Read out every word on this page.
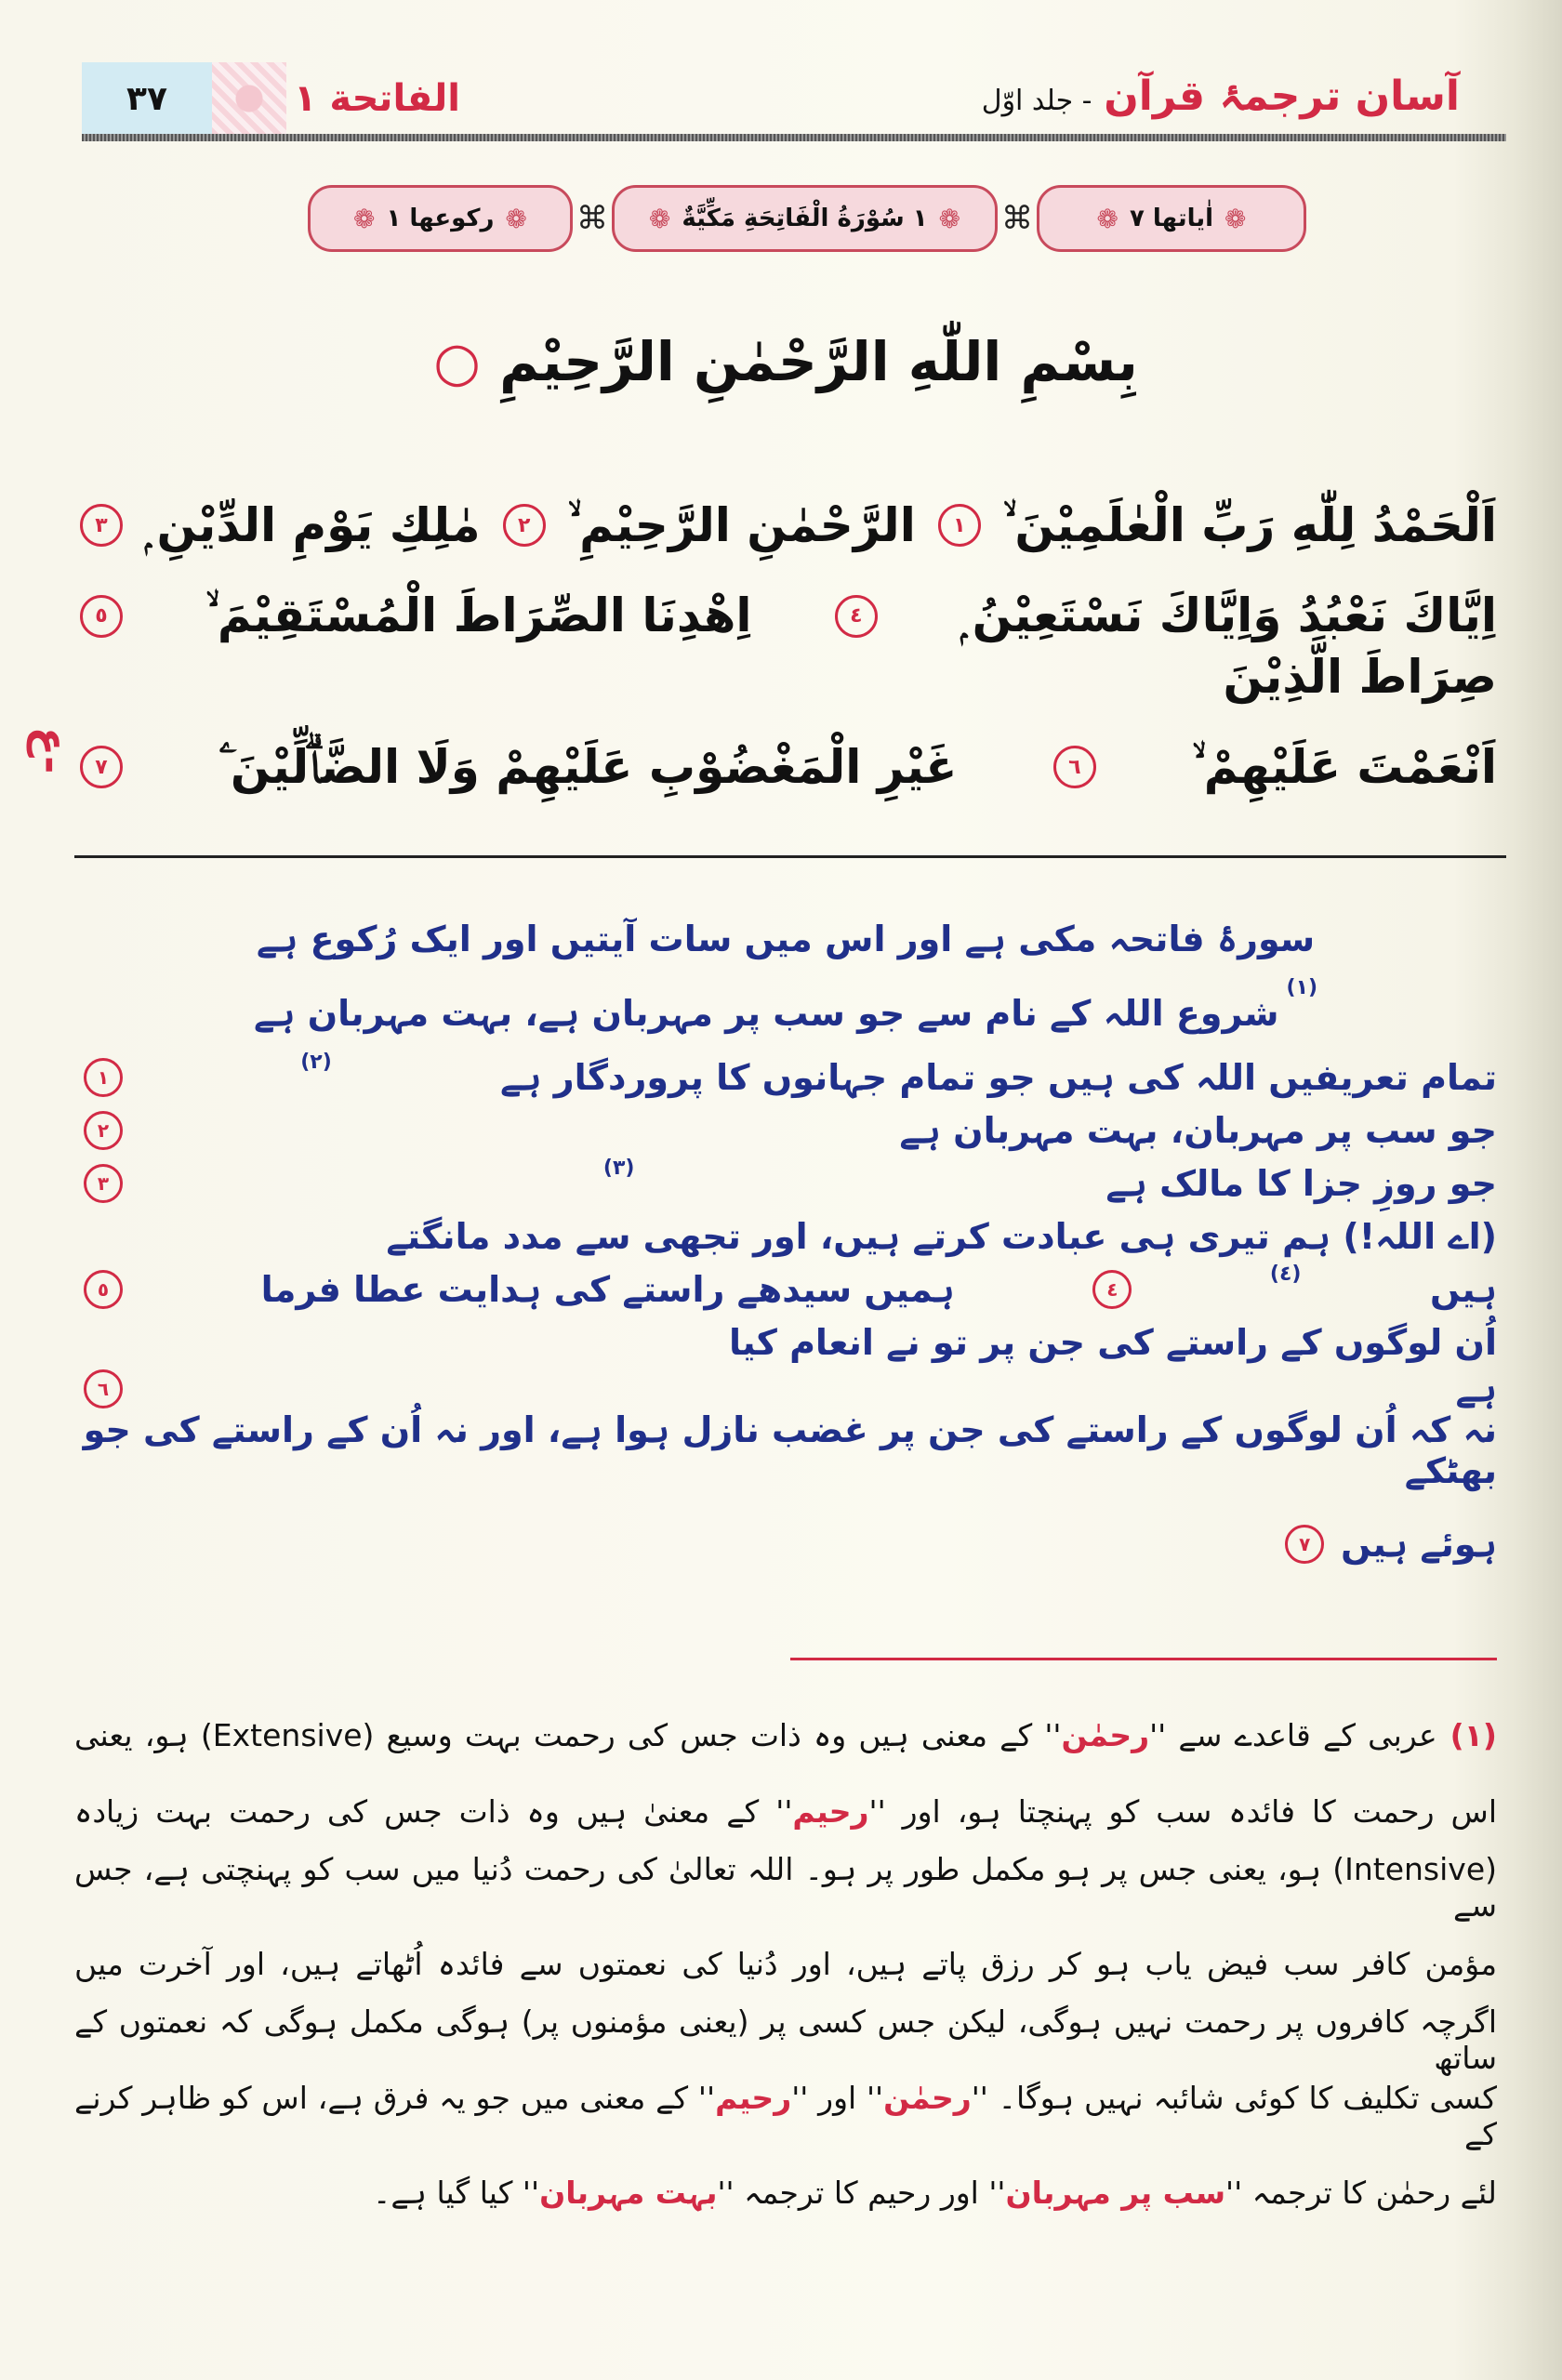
آسان ترجمۂ قرآن - جلد اوّل
۳۷	الفاتحة ١
❁
اٰیاتها ٧
❁
⌘
❁
١ سُوْرَةُ الْفَاتِحَةِ مَكِّيَّةٌ
❁
⌘
❁
رکوعها ١
❁
بِسْمِ اللّٰهِ الرَّحْمٰنِ الرَّحِيْمِ ○
اَلْحَمْدُ لِلّٰهِ رَبِّ الْعٰلَمِيْنَ ۙ
١
الرَّحْمٰنِ الرَّحِيْمِ ۙ
٢
مٰلِكِ يَوْمِ الدِّيْنِ ۭ
٣
اِيَّاكَ نَعْبُدُ وَاِيَّاكَ نَسْتَعِيْنُ ۭ
٤
اِهْدِنَا الصِّرَاطَ الْمُسْتَقِيْمَ ۙ
٥
صِرَاطَ الَّذِيْنَ
اَنْعَمْتَ عَلَيْهِمْ ۙ
٦
غَيْرِ الْمَغْضُوْبِ عَلَيْهِمْ وَلَا الضَّاۗلِّيْنَ ۧ
٧
ع-
سورۂ فاتحہ مکی ہے اور اس میں سات آیتیں اور ایک رُکوع ہے
(١)
شروع اللہ کے نام سے جو سب پر مہربان ہے، بہت مہربان ہے
تمام تعریفیں اللہ کی ہیں جو تمام جہانوں کا پروردگار ہے
(٢)
١
جو سب پر مہربان، بہت مہربان ہے
٢
جو روزِ جزا کا مالک ہے
(٣)
٣
(اے اللہ!) ہم تیری ہی عبادت کرتے ہیں، اور تجھی سے مدد مانگتے
ہیں
(٤)
٤
ہمیں سیدھے راستے کی ہدایت عطا فرما
٥
اُن لوگوں کے راستے کی جن پر تو نے انعام کیا
ہے
٦
نہ کہ اُن لوگوں کے راستے کی جن پر غضب نازل ہوا ہے، اور نہ اُن کے راستے کی جو بھٹکے
ہوئے ہیں
٧
(١)
عربی کے قاعدے سے ''رحمٰن'' کے معنی ہیں وہ ذات جس کی رحمت بہت وسیع (Extensive) ہو، یعنی
اس رحمت کا فائدہ سب کو پہنچتا ہو، اور ''رحیم'' کے معنیٰ ہیں وہ ذات جس کی رحمت بہت زیادہ
(Intensive) ہو، یعنی جس پر ہو مکمل طور پر ہو۔ اللہ تعالیٰ کی رحمت دُنیا میں سب کو پہنچتی ہے، جس سے
مؤمن کافر سب فیض یاب ہو کر رزق پاتے ہیں، اور دُنیا کی نعمتوں سے فائدہ اُٹھاتے ہیں، اور آخرت میں
اگرچہ کافروں پر رحمت نہیں ہوگی، لیکن جس کسی پر (یعنی مؤمنوں پر) ہوگی مکمل ہوگی کہ نعمتوں کے ساتھ
کسی تکلیف کا کوئی شائبہ نہیں ہوگا۔ ''رحمٰن'' اور ''رحیم'' کے معنی میں جو یہ فرق ہے، اس کو ظاہر کرنے کے
لئے رحمٰن کا ترجمہ ''سب پر مہربان'' اور رحیم کا ترجمہ ''بہت مہربان'' کیا گیا ہے۔
